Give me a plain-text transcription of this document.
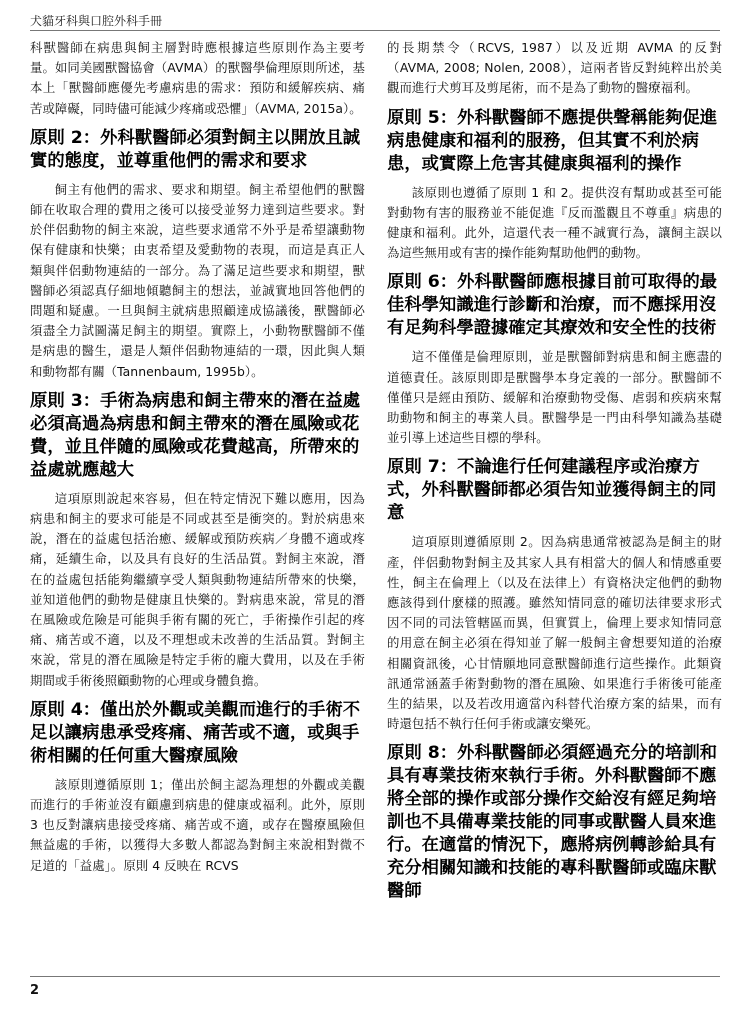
犬貓牙科與口腔外科手冊

科獸醫師在病患與飼主層對時應根據這些原則作為主要考量。如同美國獸醫協會（AVMA）的獸醫學倫理原則所述，基本上「獸醫師應優先考慮病患的需求：預防和緩解疾病、痛苦或障礙，同時儘可能減少疼痛或恐懼」（AVMA, 2015a）。

原則 2：外科獸醫師必須對飼主以開放且誠實的態度，並尊重他們的需求和要求

飼主有他們的需求、要求和期望。飼主希望他們的獸醫師在收取合理的費用之後可以接受並努力達到這些要求。對於伴侶動物的飼主來說，這些要求通常不外乎是希望讓動物保有健康和快樂；由衷希望及愛動物的表現，而這是真正人類與伴侶動物連結的一部分。為了滿足這些要求和期望，獸醫師必須認真仔細地傾聽飼主的想法，並誠實地回答他們的問題和疑慮。一旦與飼主就病患照顧達成協議後，獸醫師必須盡全力試圖滿足飼主的期望。實際上，小動物獸醫師不僅是病患的醫生，還是人類伴侶動物連結的一環，因此與人類和動物都有關（Tannenbaum, 1995b）。

原則 3：手術為病患和飼主帶來的潛在益處必須高過為病患和飼主帶來的潛在風險或花費，並且伴隨的風險或花費越高，所帶來的益處就應越大

這項原則說起來容易，但在特定情況下難以應用，因為病患和飼主的要求可能是不同或甚至是衝突的。對於病患來說，潛在的益處包括治癒、緩解或預防疾病／身體不適或疼痛，延續生命，以及具有良好的生活品質。對飼主來說，潛在的益處包括能夠繼續享受人類與動物連結所帶來的快樂，並知道他們的動物是健康且快樂的。對病患來說，常見的潛在風險或危險是可能與手術有關的死亡，手術操作引起的疼痛、痛苦或不適，以及不理想或未改善的生活品質。對飼主來說，常見的潛在風險是特定手術的龐大費用，以及在手術期間或手術後照顧動物的心理或身體負擔。

原則 4：僅出於外觀或美觀而進行的手術不足以讓病患承受疼痛、痛苦或不適，或與手術相關的任何重大醫療風險

該原則遵循原則 1；僅出於飼主認為理想的外觀或美觀而進行的手術並沒有顧慮到病患的健康或福利。此外，原則 3 也反對讓病患接受疼痛、痛苦或不適，或存在醫療風險但無益處的手術，以獲得大多數人都認為對飼主來說相對微不足道的「益處」。原則 4 反映在 RCVS

的長期禁令（RCVS, 1987）以及近期 AVMA 的反對（AVMA, 2008; Nolen, 2008），這兩者皆反對純粹出於美觀而進行犬剪耳及剪尾術，而不是為了動物的醫療福利。

原則 5：外科獸醫師不應提供聲稱能夠促進病患健康和福利的服務，但其實不利於病患，或實際上危害其健康與福利的操作

該原則也遵循了原則 1 和 2。提供沒有幫助或甚至可能對動物有害的服務並不能促進『反而濫觀且不尊重』病患的健康和福利。此外，這還代表一種不誠實行為，讓飼主誤以為這些無用或有害的操作能夠幫助他們的動物。

原則 6：外科獸醫師應根據目前可取得的最佳科學知識進行診斷和治療，而不應採用沒有足夠科學證據確定其療效和安全性的技術

這不僅僅是倫理原則，並是獸醫師對病患和飼主應盡的道德責任。該原則即是獸醫學本身定義的一部分。獸醫師不僅僅只是經由預防、緩解和治療動物受傷、虐弱和疾病來幫助動物和飼主的專業人員。獸醫學是一門由科學知識為基礎並引導上述這些目標的學科。

原則 7：不論進行任何建議程序或治療方式，外科獸醫師都必須告知並獲得飼主的同意

這項原則遵循原則 2。因為病患通常被認為是飼主的財產，伴侶動物對飼主及其家人具有相當大的個人和情感重要性，飼主在倫理上（以及在法律上）有資格決定他們的動物應該得到什麼樣的照護。雖然知情同意的確切法律要求形式因不同的司法管轄區而異，但實質上，倫理上要求知情同意的用意在飼主必須在得知並了解一般飼主會想要知道的治療相關資訊後，心甘情願地同意獸醫師進行這些操作。此類資訊通常涵蓋手術對動物的潛在風險、如果進行手術後可能產生的結果，以及若改用適當內科替代治療方案的結果，而有時還包括不執行任何手術或讓安樂死。

原則 8：外科獸醫師必須經過充分的培訓和具有專業技術來執行手術。外科獸醫師不應將全部的操作或部分操作交給沒有經足夠培訓也不具備專業技能的同事或獸醫人員來進行。在適當的情況下，應將病例轉診給具有充分相關知識和技能的專科獸醫師或臨床獸醫師
2
